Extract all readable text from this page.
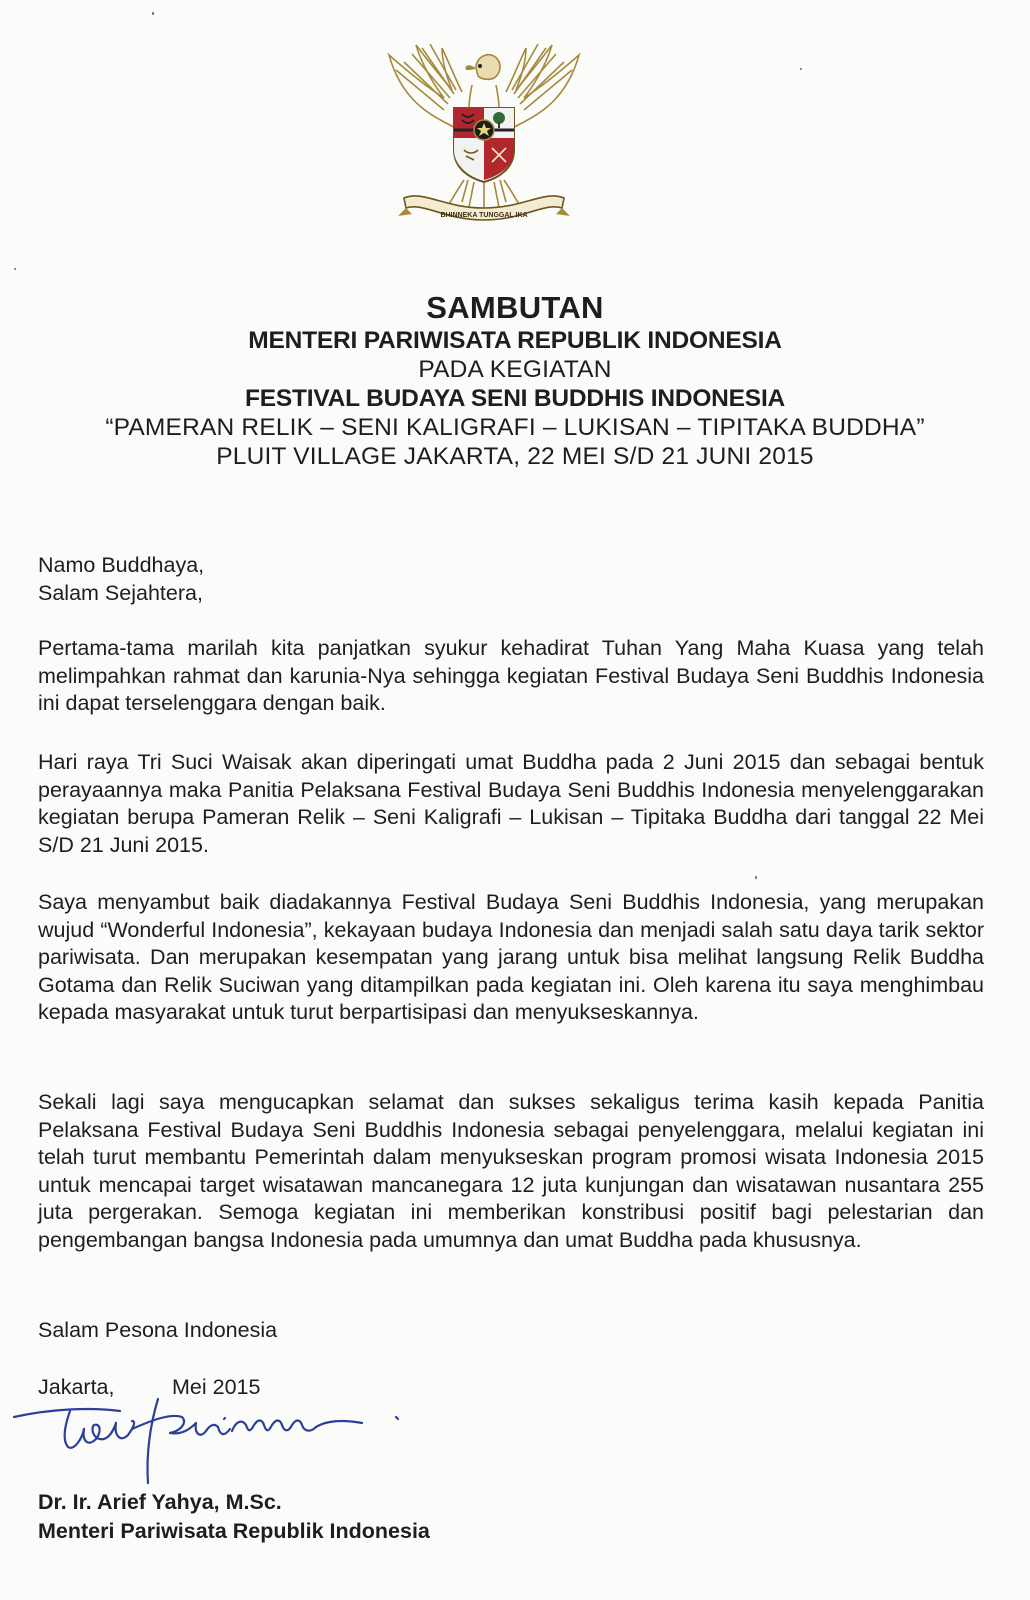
BHINNEKA TUNGGAL IKA
SAMBUTAN
MENTERI PARIWISATA REPUBLIK INDONESIA
PADA KEGIATAN
FESTIVAL BUDAYA SENI BUDDHIS INDONESIA
“PAMERAN RELIK – SENI KALIGRAFI – LUKISAN – TIPITAKA BUDDHA”
PLUIT VILLAGE JAKARTA, 22 MEI S/D 21 JUNI 2015
Namo Buddhaya,
Salam Sejahtera,
Pertama-tama marilah kita panjatkan syukur kehadirat Tuhan Yang Maha Kuasa yang telah melimpahkan rahmat dan karunia-Nya sehingga kegiatan Festival Budaya Seni Buddhis Indonesia ini dapat terselenggara dengan baik.
Hari raya Tri Suci Waisak akan diperingati umat Buddha pada 2 Juni 2015 dan sebagai bentuk perayaannya maka Panitia Pelaksana Festival Budaya Seni Buddhis Indonesia menyelenggarakan kegiatan berupa Pameran Relik – Seni Kaligrafi – Lukisan – Tipitaka Buddha dari tanggal 22 Mei S/D 21 Juni 2015.
Saya menyambut baik diadakannya Festival Budaya Seni Buddhis Indonesia, yang merupakan wujud “Wonderful Indonesia”, kekayaan budaya Indonesia dan menjadi salah satu daya tarik sektor pariwisata. Dan merupakan kesempatan yang jarang untuk bisa melihat langsung Relik Buddha Gotama dan Relik Suciwan yang ditampilkan pada kegiatan ini. Oleh karena itu saya menghimbau kepada masyarakat untuk turut berpartisipasi dan menyukseskannya.
Sekali lagi saya mengucapkan selamat dan sukses sekaligus terima kasih kepada Panitia Pelaksana Festival Budaya Seni Buddhis Indonesia sebagai penyelenggara, melalui kegiatan ini telah turut membantu Pemerintah dalam menyukseskan program promosi wisata Indonesia 2015 untuk mencapai target wisatawan mancanegara 12 juta kunjungan dan wisatawan nusantara 255 juta pergerakan. Semoga kegiatan ini memberikan konstribusi positif bagi pelestarian dan pengembangan bangsa Indonesia pada umumnya dan umat Buddha pada khususnya.
Salam Pesona Indonesia
Jakarta,	Mei 2015
Dr. Ir. Arief Yahya, M.Sc.
Menteri Pariwisata Republik Indonesia
